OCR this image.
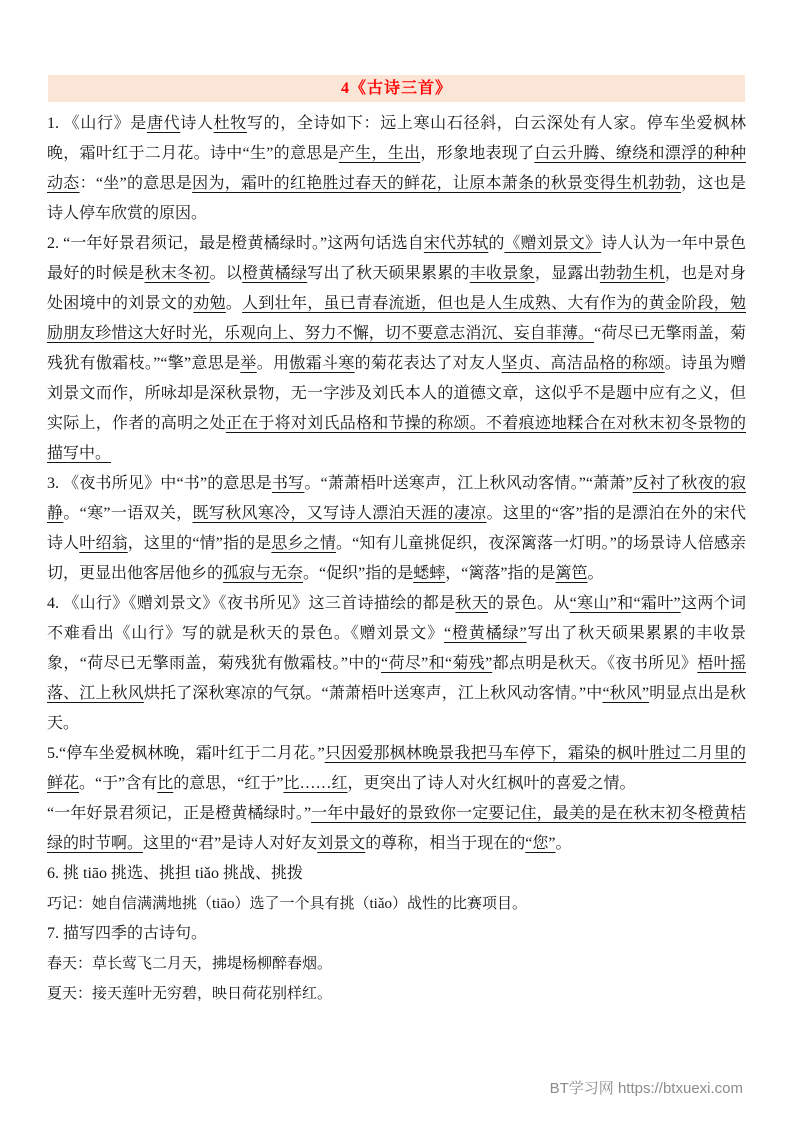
4《古诗三首》

1. 《山行》是唐代诗人杜牧写的，全诗如下：远上寒山石径斜，白云深处有人家。停车坐爱枫林晚，霜叶红于二月花。诗中“生”的意思是产生，生出，形象地表现了白云升腾、缭绕和漂浮的种种动态：“坐”的意思是因为，霜叶的红艳胜过春天的鲜花，让原本萧条的秋景变得生机勃勃，这也是诗人停车欣赏的原因。

2. “一年好景君须记，最是橙黄橘绿时。”这两句话选自宋代苏轼的《赠刘景文》诗人认为一年中景色最好的时候是秋末冬初。以橙黄橘绿写出了秋天硕果累累的丰收景象，显露出勃勃生机，也是对身处困境中的刘景文的劝勉。人到壮年，虽已青春流逝，但也是人生成熟、大有作为的黄金阶段，勉励朋友珍惜这大好时光，乐观向上、努力不懈，切不要意志消沉、妄自菲薄。“荷尽已无擎雨盖，菊残犹有傲霜枝。”“擎”意思是举。用傲霜斗寒的菊花表达了对友人坚贞、高洁品格的称颂。诗虽为赠刘景文而作，所咏却是深秋景物，无一字涉及刘氏本人的道德文章，这似乎不是题中应有之义，但实际上，作者的高明之处正在于将对刘氏品格和节操的称颂。不着痕迹地糅合在对秋末初冬景物的描写中。

3. 《夜书所见》中“书”的意思是书写。“萧萧梧叶送寒声，江上秋风动客情。”“萧萧”反衬了秋夜的寂静。“寒”一语双关，既写秋风寒冷，又写诗人漂泊天涯的凄凉。这里的“客”指的是漂泊在外的宋代诗人叶绍翁，这里的“情”指的是思乡之情。“知有儿童挑促织，夜深篱落一灯明。”的场景诗人倍感亲切，更显出他客居他乡的孤寂与无奈。“促织”指的是蟋蟀，“篱落”指的是篱笆。

4. 《山行》《赠刘景文》《夜书所见》这三首诗描绘的都是秋天的景色。从“寒山”和“霜叶”这两个词不难看出《山行》写的就是秋天的景色。《赠刘景文》“橙黄橘绿”写出了秋天硕果累累的丰收景象，“荷尽已无擎雨盖，菊残犹有傲霜枝。”中的“荷尽”和“菊残”都点明是秋天。《夜书所见》梧叶摇落、江上秋风烘托了深秋寒凉的气氛。“萧萧梧叶送寒声，江上秋风动客情。”中“秋风”明显点出是秋天。

5.“停车坐爱枫林晚，霜叶红于二月花。”只因爱那枫林晚景我把马车停下，霜染的枫叶胜过二月里的鲜花。“于”含有比的意思，“红于”比……红，更突出了诗人对火红枫叶的喜爱之情。

“一年好景君须记，正是橙黄橘绿时。”一年中最好的景致你一定要记住，最美的是在秋末初冬橙黄桔绿的时节啊。这里的“君”是诗人对好友刘景文的尊称，相当于现在的“您”。

6. 挑 tiāo 挑选、挑担 tiǎo 挑战、挑拨

巧记：她自信满满地挑（tiāo）选了一个具有挑（tiǎo）战性的比赛项目。

7. 描写四季的古诗句。

春天：草长莺飞二月天，拂堤杨柳醉春烟。

夏天：接天莲叶无穷碧，映日荷花别样红。

BT学习网 https://btxuexi.com
